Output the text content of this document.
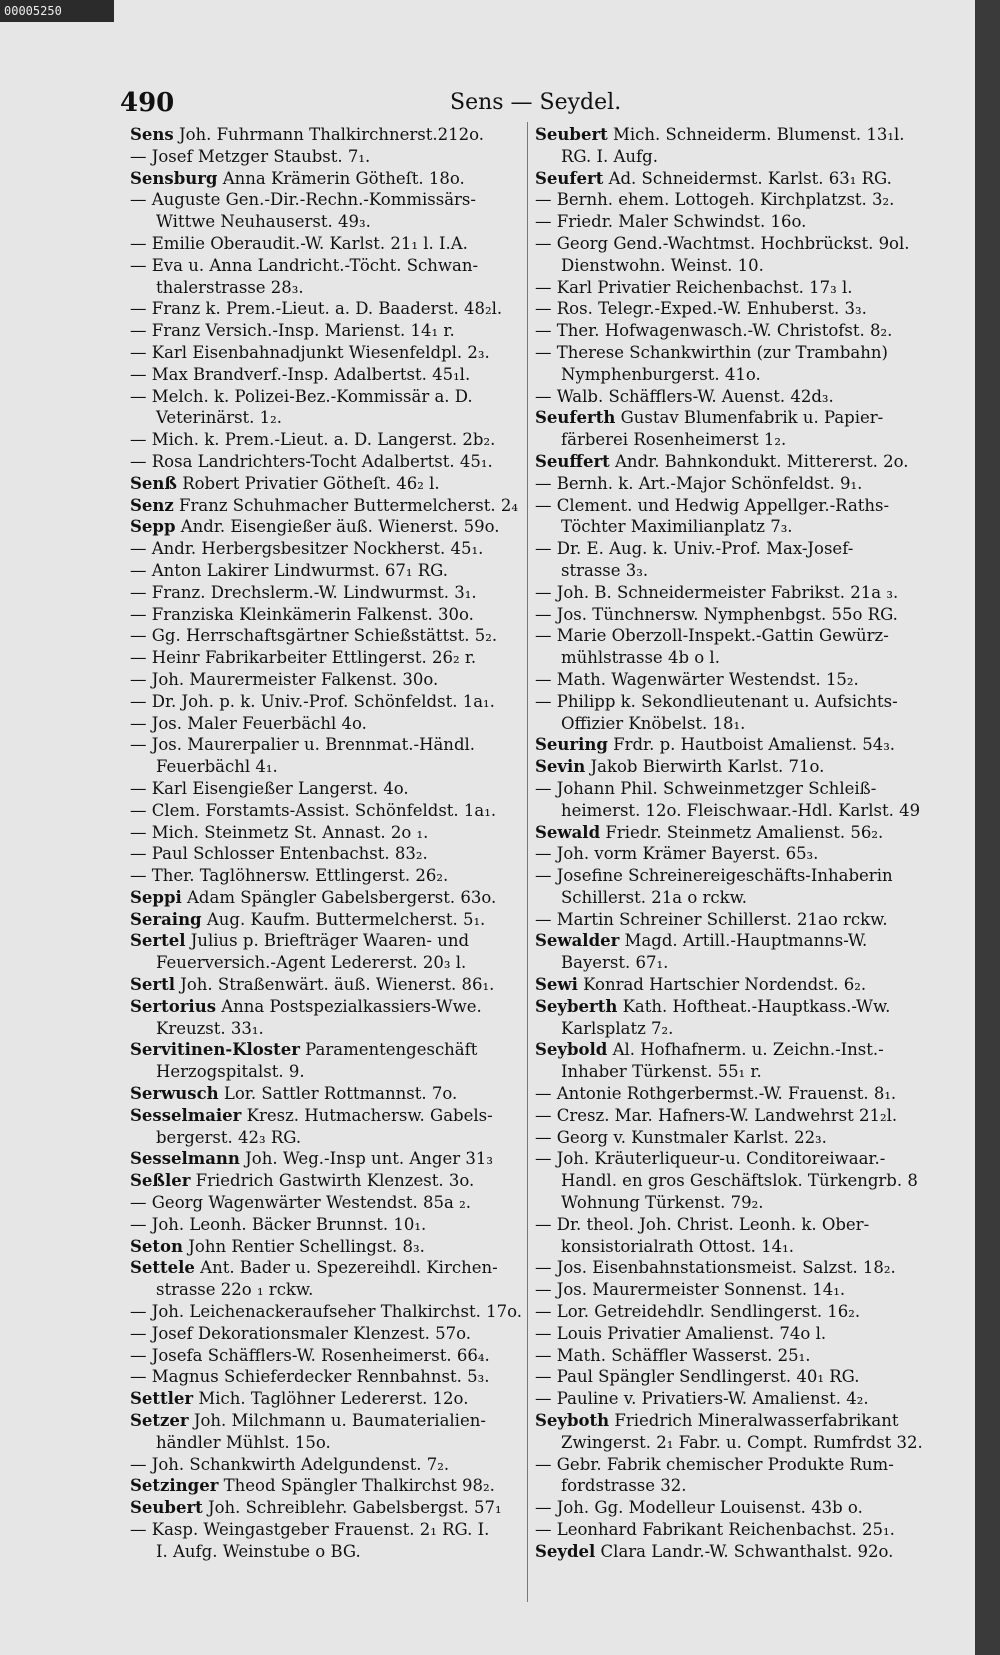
00005250
490	Sens — Seydel.

Sens Joh. Fuhrmann Thalkirchnerst.212o.

— Josef Metzger Staubst. 7₁.

Sensburg Anna Krämerin Götheſt. 18o.

— Auguste Gen.-Dir.-Rechn.-Kommissärs-

Wittwe Neuhauserst. 49₃.

— Emilie Oberaudit.-W. Karlst. 21₁ l. I.A.

— Eva u. Anna Landricht.-Töcht. Schwan-

thalerstrasse 28₃.

— Franz k. Prem.-Lieut. a. D. Baaderst. 48₂l.

— Franz Versich.-Insp. Marienst. 14₁ r.

— Karl Eisenbahnadjunkt Wiesenfeldpl. 2₃.

— Max Brandverf.-Insp. Adalbertst. 45₁l.

— Melch. k. Polizei-Bez.-Kommissär a. D.

Veterinärst. 1₂.

— Mich. k. Prem.-Lieut. a. D. Langerst. 2b₂.

— Rosa Landrichters-Tocht Adalbertst. 45₁.

Senß Robert Privatier Götheſt. 46₂ l.

Senz Franz Schuhmacher Buttermelcherst. 2₄

Sepp Andr. Eisengießer äuß. Wienerst. 59o.

— Andr. Herbergsbesitzer Nockherst. 45₁.

— Anton Lakirer Lindwurmst. 67₁ RG.

— Franz. Drechslerm.-W. Lindwurmst. 3₁.

— Franziska Kleinkämerin Falkenst. 30o.

— Gg. Herrschaftsgärtner Schießstättst. 5₂.

— Heinr Fabrikarbeiter Ettlingerst. 26₂ r.

— Joh. Maurermeister Falkenst. 30o.

— Dr. Joh. p. k. Univ.-Prof. Schönfeldst. 1a₁.

— Jos. Maler Feuerbächl 4o.

— Jos. Maurerpalier u. Brennmat.-Händl.

Feuerbächl 4₁.

— Karl Eisengießer Langerst. 4o.

— Clem. Forstamts-Assist. Schönfeldst. 1a₁.

— Mich. Steinmetz St. Annast. 2o ₁.

— Paul Schlosser Entenbachst. 83₂.

— Ther. Taglöhnersw. Ettlingerst. 26₂.

Seppi Adam Spängler Gabelsbergerst. 63o.

Seraing Aug. Kaufm. Buttermelcherst. 5₁.

Sertel Julius p. Briefträger Waaren- und

Feuerversich.-Agent Ledererst. 20₃ l.

Sertl Joh. Straßenwärt. äuß. Wienerst. 86₁.

Sertorius Anna Postspezialkassiers-Wwe.

Kreuzst. 33₁.

Servitinen-Kloster Paramentengeschäft

Herzogspitalst. 9.

Serwusch Lor. Sattler Rottmannst. 7o.

Sesselmaier Kresz. Hutmachersw. Gabels-

bergerst. 42₃ RG.

Sesselmann Joh. Weg.-Insp unt. Anger 31₃

Seßler Friedrich Gastwirth Klenzest. 3o.

— Georg Wagenwärter Westendst. 85a ₂.

— Joh. Leonh. Bäcker Brunnst. 10₁.

Seton John Rentier Schellingst. 8₃.

Settele Ant. Bader u. Spezereihdl. Kirchen-

strasse 22o ₁ rckw.

— Joh. Leichenackeraufseher Thalkirchst. 17o.

— Josef Dekorationsmaler Klenzest. 57o.

— Josefa Schäfflers-W. Rosenheimerst. 66₄.

— Magnus Schieferdecker Rennbahnst. 5₃.

Settler Mich. Taglöhner Ledererst. 12o.

Setzer Joh. Milchmann u. Baumaterialien-

händler Mühlst. 15o.

— Joh. Schankwirth Adelgundenst. 7₂.

Setzinger Theod Spängler Thalkirchst 98₂.

Seubert Joh. Schreiblehr. Gabelsbergst. 57₁

— Kasp. Weingastgeber Frauenst. 2₁ RG. I.

I. Aufg. Weinstube o BG.

Seubert Mich. Schneiderm. Blumenst. 13₁l.

RG. I. Aufg.

Seufert Ad. Schneidermst. Karlst. 63₁ RG.

— Bernh. ehem. Lottogeh. Kirchplatzst. 3₂.

— Friedr. Maler Schwindst. 16o.

— Georg Gend.-Wachtmst. Hochbrückst. 9ol.

Dienstwohn. Weinst. 10.

— Karl Privatier Reichenbachst. 17₃ l.

— Ros. Telegr.-Exped.-W. Enhuberst. 3₃.

— Ther. Hofwagenwasch.-W. Christofst. 8₂.

— Therese Schankwirthin (zur Trambahn)

Nymphenburgerst. 41o.

— Walb. Schäfflers-W. Auenst. 42d₃.

Seuferth Gustav Blumenfabrik u. Papier-

färberei Rosenheimerst 1₂.

Seuffert Andr. Bahnkondukt. Mittererst. 2o.

— Bernh. k. Art.-Major Schönfeldst. 9₁.

— Clement. und Hedwig Appellger.-Raths-

Töchter Maximilianplatz 7₃.

— Dr. E. Aug. k. Univ.-Prof. Max-Josef-

strasse 3₃.

— Joh. B. Schneidermeister Fabrikst. 21a ₃.

— Jos. Tünchnersw. Nymphenbgst. 55o RG.

— Marie Oberzoll-Inspekt.-Gattin Gewürz-

mühlstrasse 4b o l.

— Math. Wagenwärter Westendst. 15₂.

— Philipp k. Sekondlieutenant u. Aufsichts-

Offizier Knöbelst. 18₁.

Seuring Frdr. p. Hautboist Amalienst. 54₃.

Sevin Jakob Bierwirth Karlst. 71o.

— Johann Phil. Schweinmetzger Schleiß-

heimerst. 12o. Fleischwaar.-Hdl. Karlst. 49

Sewald Friedr. Steinmetz Amalienst. 56₂.

— Joh. vorm Krämer Bayerst. 65₃.

— Josefine Schreinereigeschäfts-Inhaberin

Schillerst. 21a o rckw.

— Martin Schreiner Schillerst. 21ao rckw.

Sewalder Magd. Artill.-Hauptmanns-W.

Bayerst. 67₁.

Sewi Konrad Hartschier Nordendst. 6₂.

Seyberth Kath. Hoftheat.-Hauptkass.-Ww.

Karlsplatz 7₂.

Seybold Al. Hofhafnerm. u. Zeichn.-Inst.-

Inhaber Türkenst. 55₁ r.

— Antonie Rothgerbermst.-W. Frauenst. 8₁.

— Cresz. Mar. Hafners-W. Landwehrst 21₂l.

— Georg v. Kunstmaler Karlst. 22₃.

— Joh. Kräuterliqueur-u. Conditoreiwaar.-

Handl. en gros Geschäftslok. Türkengrb. 8

Wohnung Türkenst. 79₂.

— Dr. theol. Joh. Christ. Leonh. k. Ober-

konsistorialrath Ottost. 14₁.

— Jos. Eisenbahnstationsmeist. Salzst. 18₂.

— Jos. Maurermeister Sonnenst. 14₁.

— Lor. Getreidehdlr. Sendlingerst. 16₂.

— Louis Privatier Amalienst. 74o l.

— Math. Schäffler Wasserst. 25₁.

— Paul Spängler Sendlingerst. 40₁ RG.

— Pauline v. Privatiers-W. Amalienst. 4₂.

Seyboth Friedrich Mineralwasserfabrikant

Zwingerst. 2₁ Fabr. u. Compt. Rumfrdst 32.

— Gebr. Fabrik chemischer Produkte Rum-

fordstrasse 32.

— Joh. Gg. Modelleur Louisenst. 43b o.

— Leonhard Fabrikant Reichenbachst. 25₁.

Seydel Clara Landr.-W. Schwanthalst. 92o.
